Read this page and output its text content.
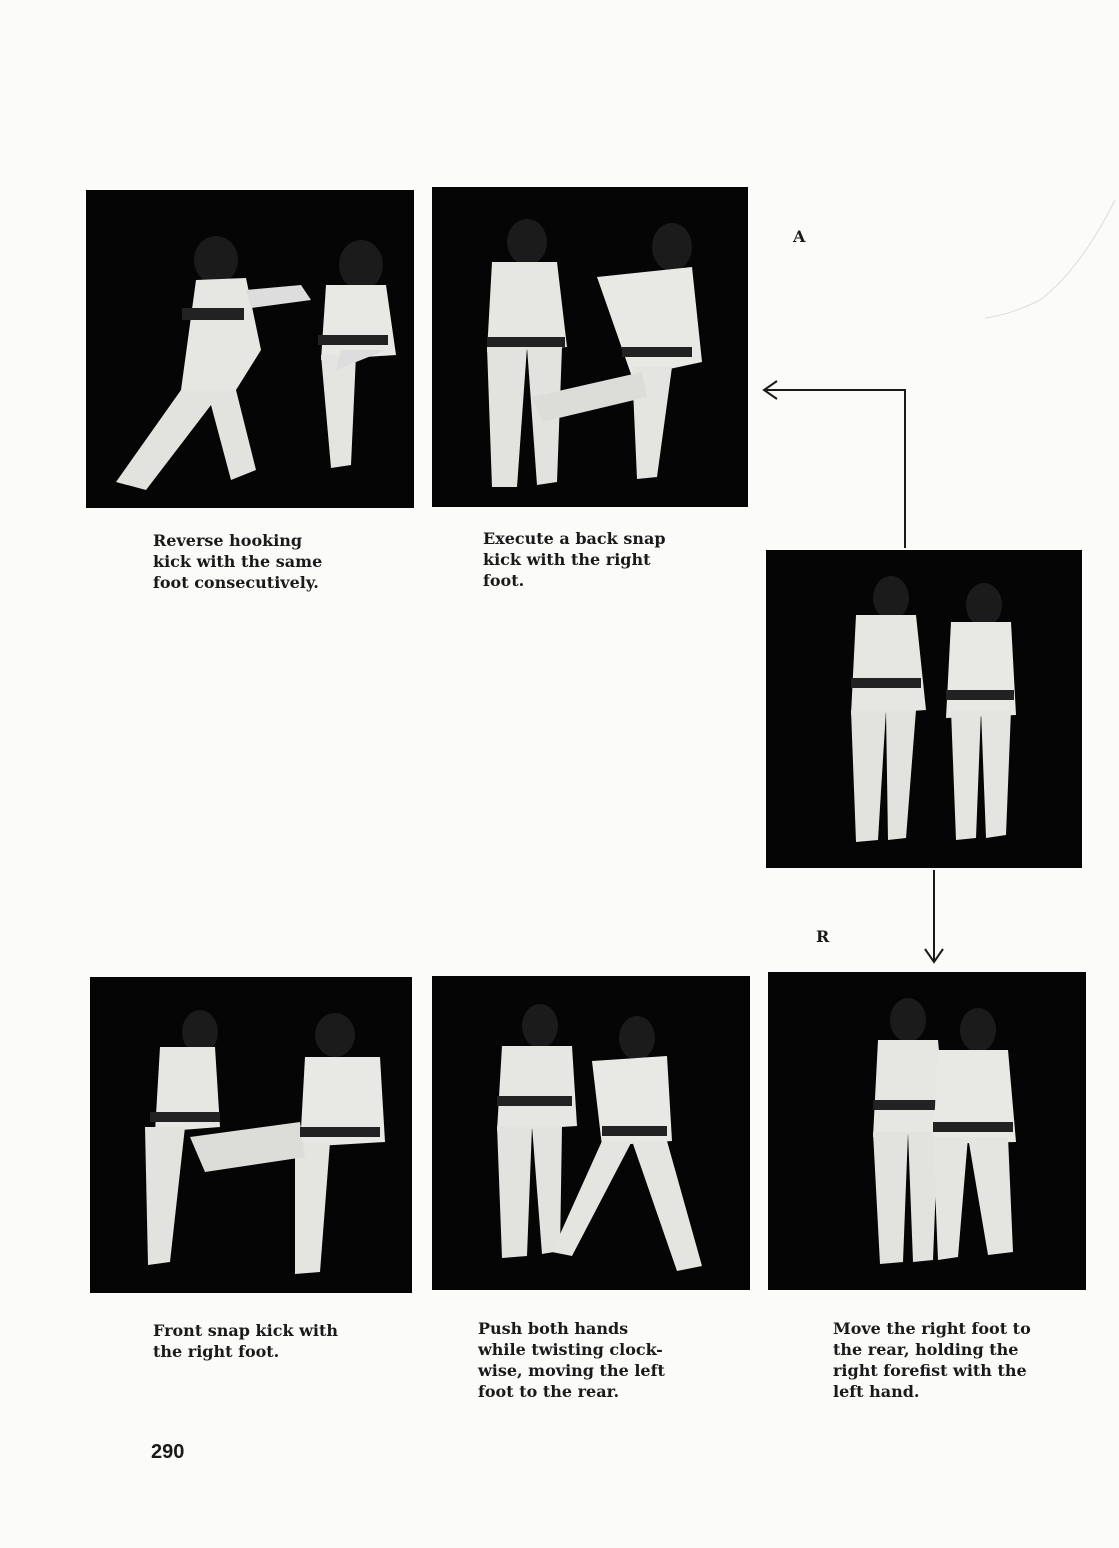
A
Reverse hooking
kick with the same
foot consecutively.
Execute a back snap
kick with the right
foot.
R
Front snap kick with
the right foot.
Push both hands
while twisting clock-
wise, moving the left
foot to the rear.
Move the right foot to
the rear, holding the
right forefist with the
left hand.
290
